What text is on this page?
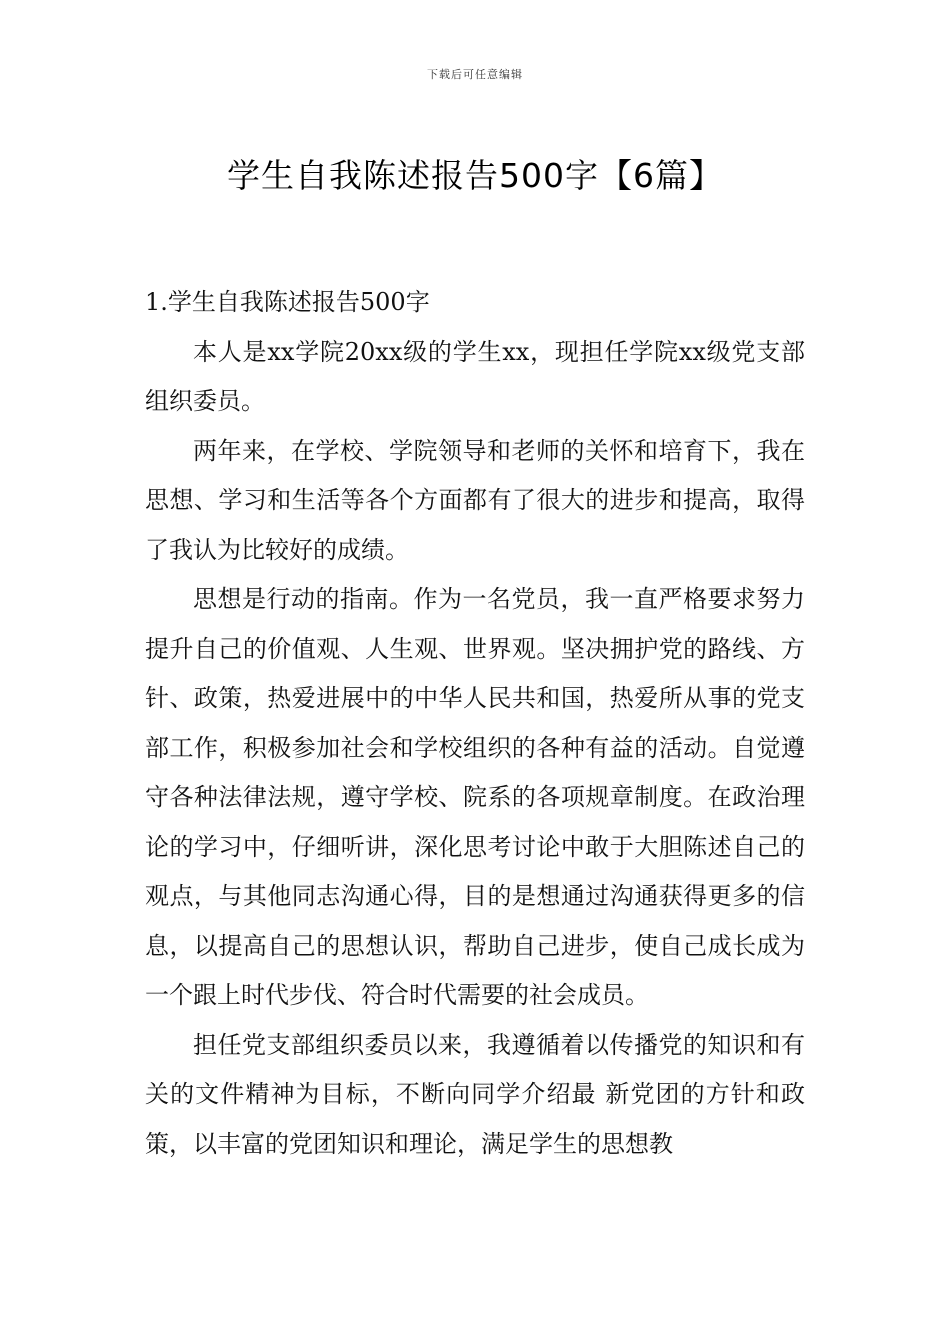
下载后可任意编辑
学生自我陈述报告500字【6篇】

1.学生自我陈述报告500字

本人是xx学院20xx级的学生xx，现担任学院xx级党支部组织委员。

两年来，在学校、学院领导和老师的关怀和培育下，我在思想、学习和生活等各个方面都有了很大的进步和提高，取得了我认为比较好的成绩。

思想是行动的指南。作为一名党员，我一直严格要求努力提升自己的价值观、人生观、世界观。坚决拥护党的路线、方针、政策，热爱进展中的中华人民共和国，热爱所从事的党支部工作，积极参加社会和学校组织的各种有益的活动。自觉遵守各种法律法规，遵守学校、院系的各项规章制度。在政治理论的学习中，仔细听讲，深化思考讨论中敢于大胆陈述自己的观点，与其他同志沟通心得，目的是想通过沟通获得更多的信息，以提高自己的思想认识，帮助自己进步，使自己成长成为一个跟上时代步伐、符合时代需要的社会成员。

担任党支部组织委员以来，我遵循着以传播党的知识和有关的文件精神为目标，不断向同学介绍最 新党团的方针和政策，以丰富的党团知识和理论，满足学生的思想教
